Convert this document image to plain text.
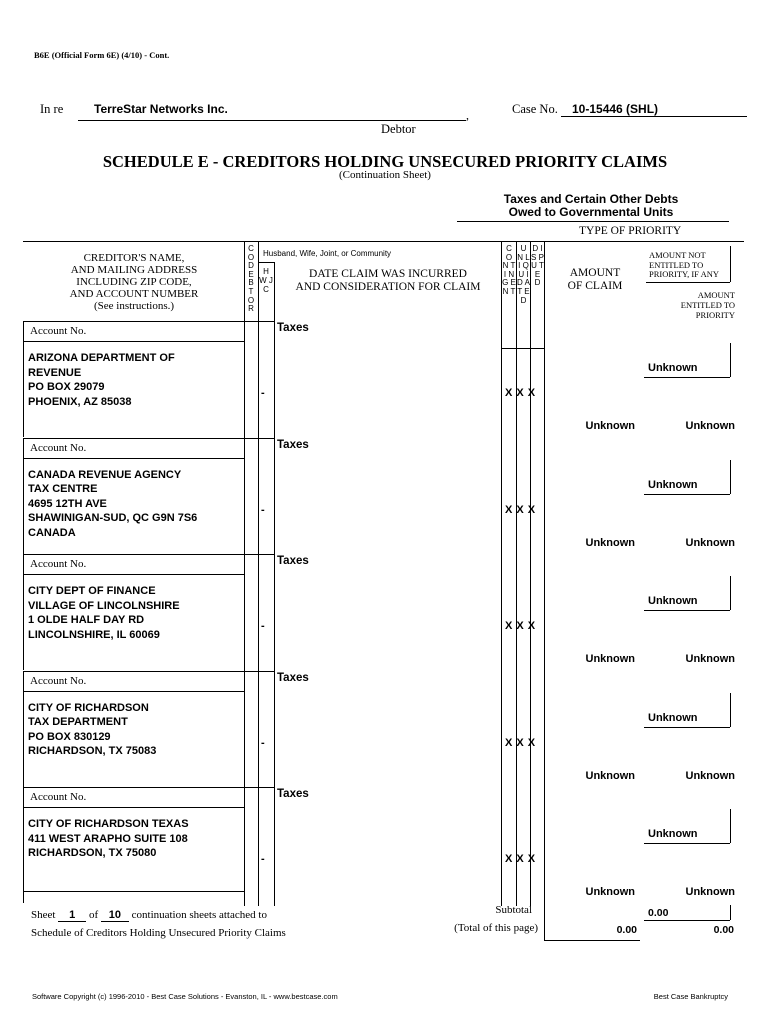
B6E (Official Form 6E) (4/10) - Cont.
In re	TerreStar Networks Inc.	,
Debtor
Case No. 10-15446 (SHL)
SCHEDULE E - CREDITORS HOLDING UNSECURED PRIORITY CLAIMS
(Continuation Sheet)
Taxes and Certain Other Debts
Owed to Governmental Units
TYPE OF PRIORITY
CREDITOR'S NAME,
AND MAILING ADDRESS
INCLUDING ZIP CODE,
AND ACCOUNT NUMBER
(See instructions.)
C O D E B T O R
Husband, Wife, Joint, or Community
H W J C
DATE CLAIM WAS INCURRED
AND CONSIDERATION FOR CLAIM
C O N T I N G E N T
U N L I Q U I D A T E D
D I S P U T E D
AMOUNT
OF CLAIM
AMOUNT NOT
ENTITLED TO
PRIORITY, IF ANY
AMOUNT
ENTITLED TO
PRIORITY
Account No.	Taxes
ARIZONA DEPARTMENT OF
REVENUE
PO BOX 29079
PHOENIX, AZ 85038
-	X X X
Unknown
Unknown	Unknown
Account No.	Taxes
CANADA REVENUE AGENCY
TAX CENTRE
4695 12TH AVE
SHAWINIGAN-SUD, QC G9N 7S6
CANADA
-	X X X
Unknown
Unknown	Unknown
Account No.	Taxes
CITY DEPT OF FINANCE
VILLAGE OF LINCOLNSHIRE
1 OLDE HALF DAY RD
LINCOLNSHIRE, IL 60069
-	X X X
Unknown
Unknown	Unknown
Account No.	Taxes
CITY OF RICHARDSON
TAX DEPARTMENT
PO BOX 830129
RICHARDSON, TX 75083
-	X X X
Unknown
Unknown	Unknown
Account No.	Taxes
CITY OF RICHARDSON TEXAS
411 WEST ARAPHO SUITE 108
RICHARDSON, TX 75080	-	X X X
Unknown
Unknown	Unknown
Sheet 1 of 10 continuation sheets attached to
Schedule of Creditors Holding Unsecured Priority Claims
Subtotal
(Total of this page)	0.00
0.00
0.00
Software Copyright (c) 1996-2010 - Best Case Solutions - Evanston, IL - www.bestcase.com	Best Case Bankruptcy
